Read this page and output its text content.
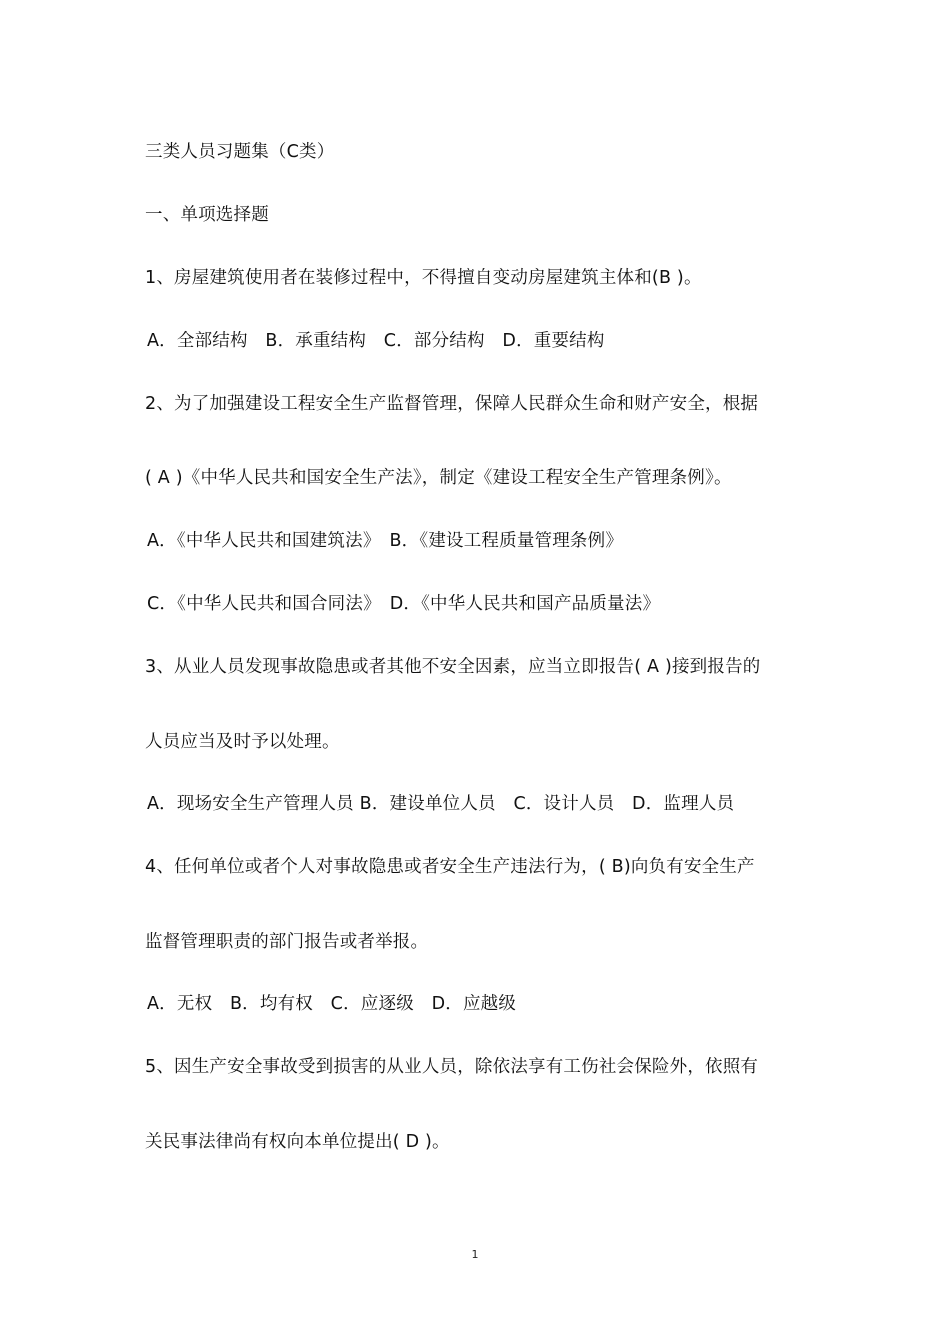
三类人员习题集（C类）
一、单项选择题
1、房屋建筑使用者在装修过程中，不得擅自变动房屋建筑主体和(B )。
A．全部结构　B．承重结构　C．部分结构　D．重要结构
2、为了加强建设工程安全生产监督管理，保障人民群众生命和财产安全，根据
( A )《中华人民共和国安全生产法》，制定《建设工程安全生产管理条例》。
A．《中华人民共和国建筑法》　B．《建设工程质量管理条例》
C．《中华人民共和国合同法》　D．《中华人民共和国产品质量法》
3、从业人员发现事故隐患或者其他不安全因素，应当立即报告( A )接到报告的
人员应当及时予以处理。
A．现场安全生产管理人员 B．建设单位人员　C．设计人员　D．监理人员
4、任何单位或者个人对事故隐患或者安全生产违法行为，( B)向负有安全生产
监督管理职责的部门报告或者举报。
A．无权　B．均有权　C．应逐级　D．应越级
5、因生产安全事故受到损害的从业人员，除依法享有工伤社会保险外，依照有
关民事法律尚有权向本单位提出( D )。
1
